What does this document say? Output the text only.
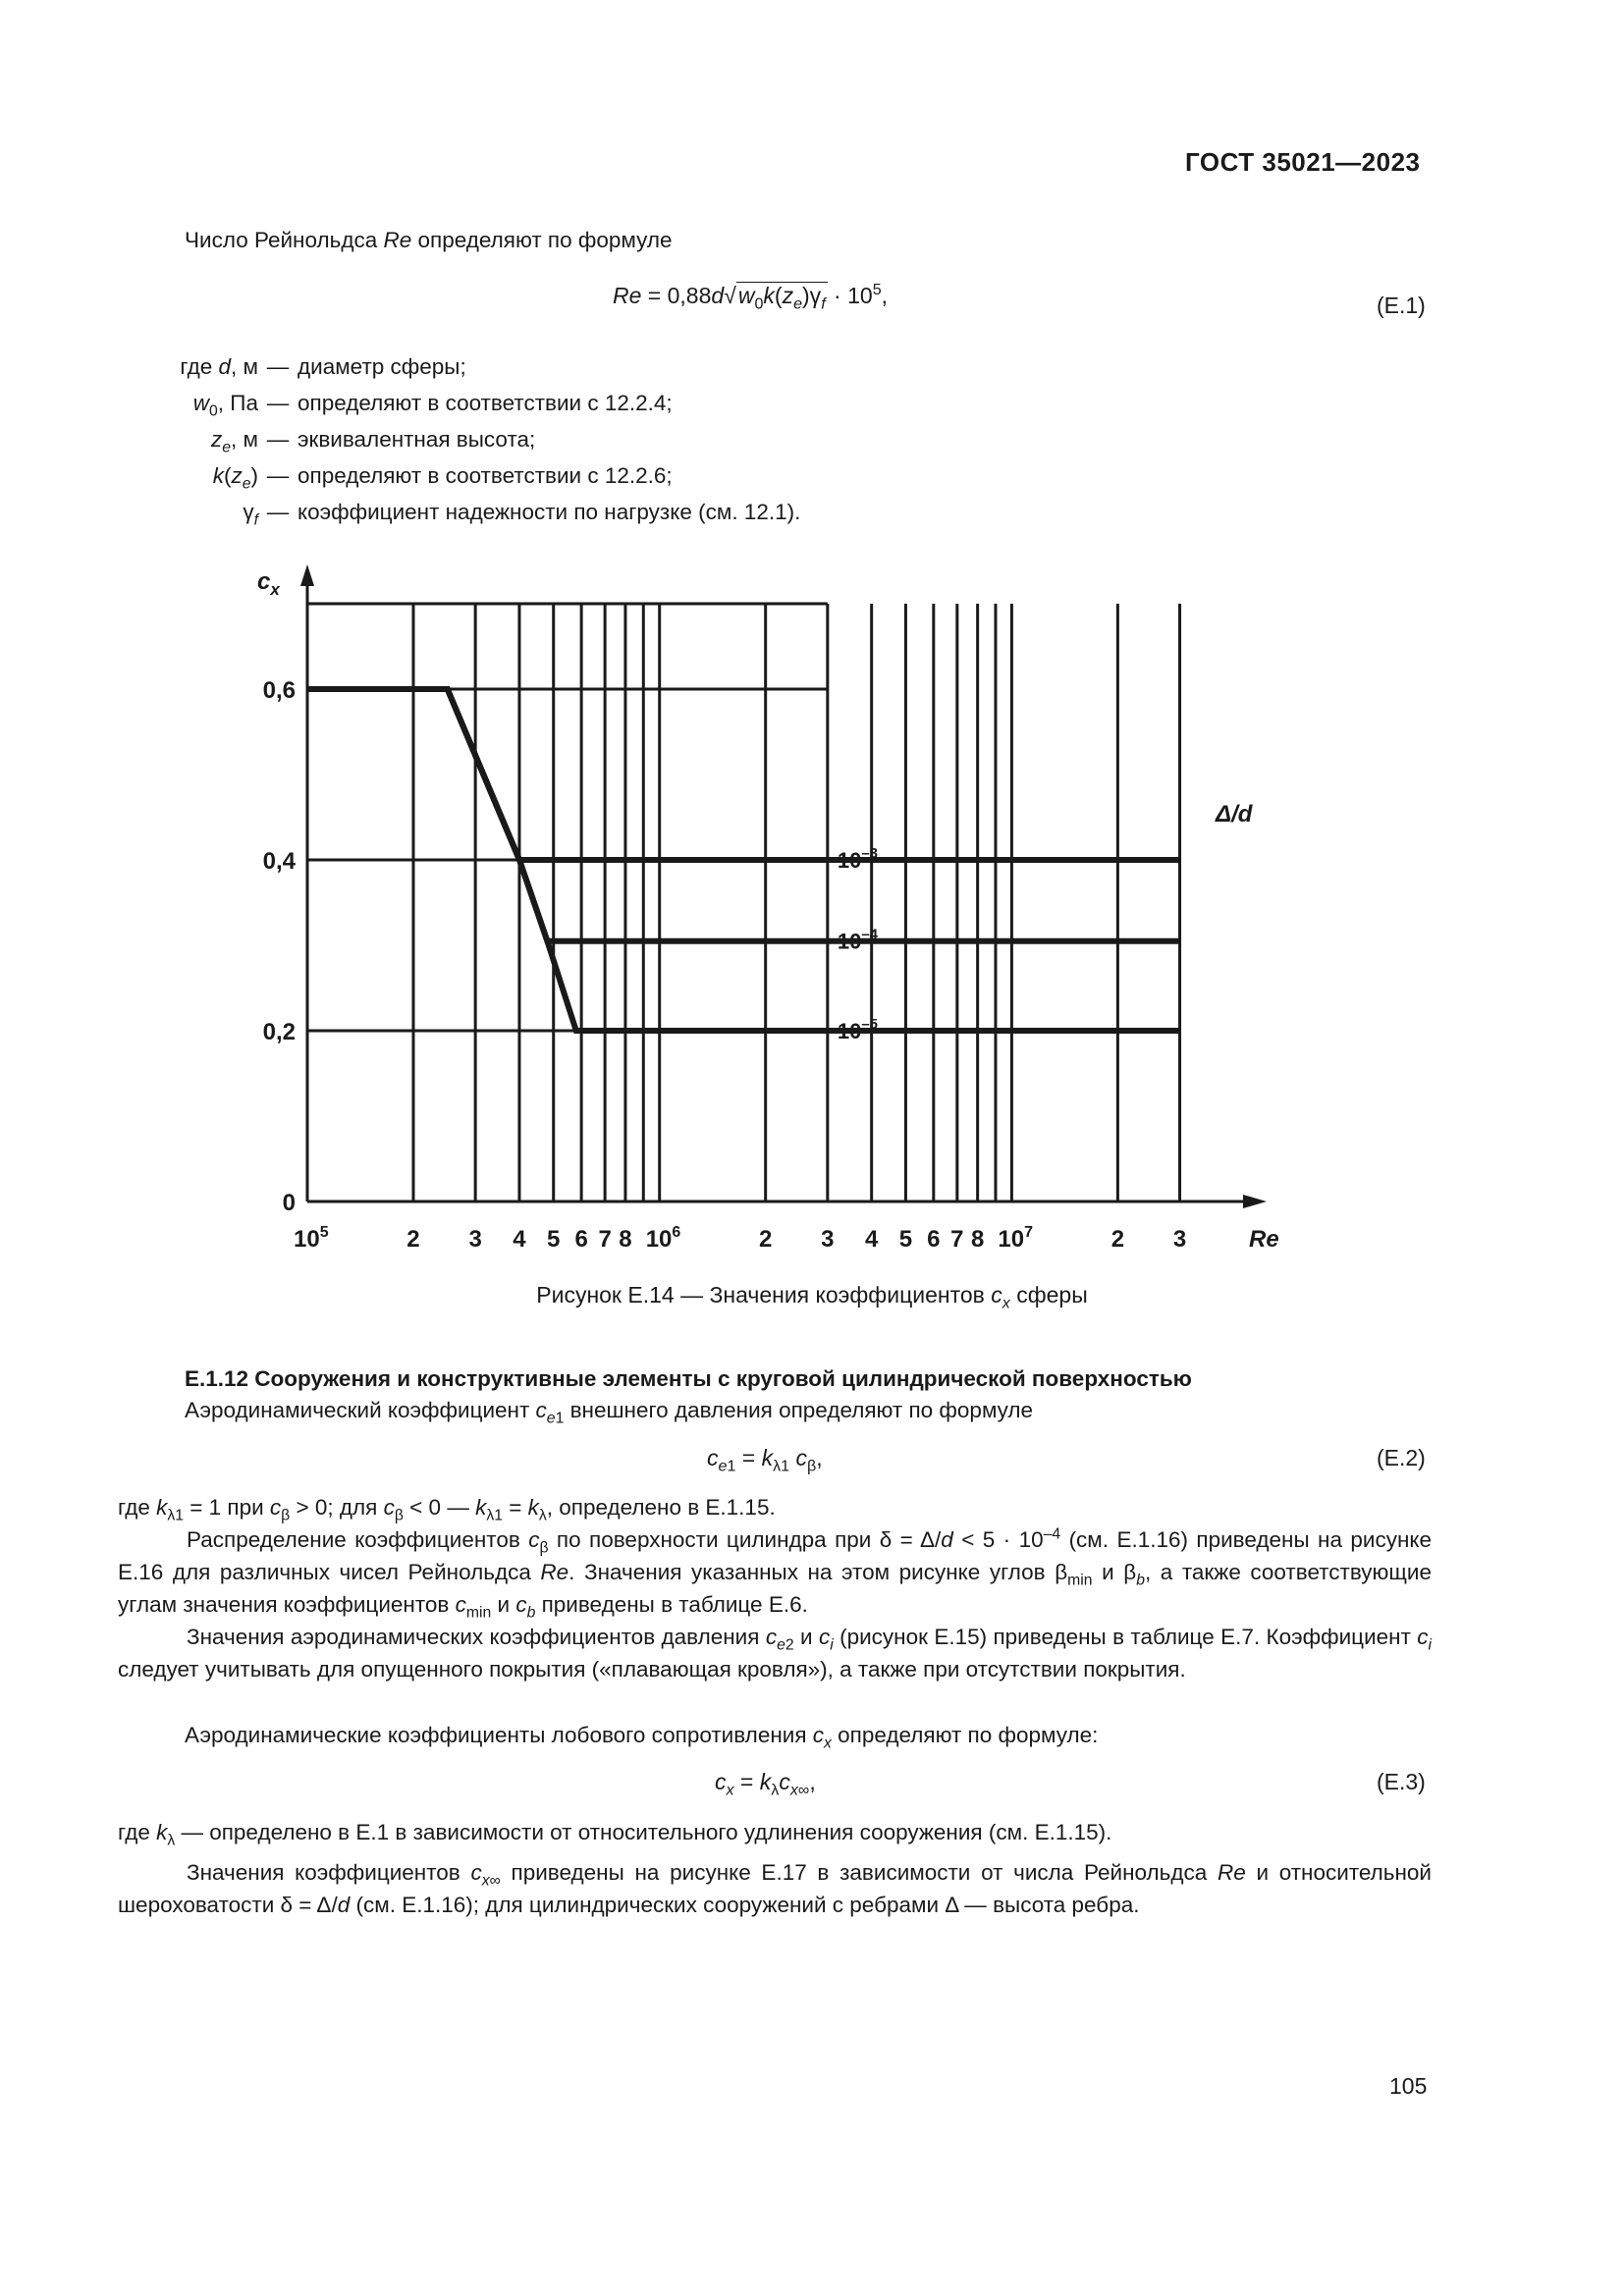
ГОСТ 35021—2023
Число Рейнольдса Re определяют по формуле
$Re = 0,88d√w_0k(z_e)\gamma_f \cdot 10^5$,	(Е.1)
где d, м — диаметр сферы;
$w_0$, Па — определяют в соответствии с 12.2.4;
$z_e$, м — эквивалентная высота;
$k(z_e)$ — определяют в соответствии с 12.2.6;
$\gamma_f$ — коэффициент надежности по нагрузке (см. 12.1).
$10^{-3}$
$10^{-4}$
$10^{-5}$
Δ/d
0
0,2
0,4
0,6
$10^5$	2 3 4 5 6 7 8 $10^6$	2 3 4 5 6 7 8 $10^7$	2 3	Re
$c_x$
Рисунок Е.14 — Значения коэффициентов $c_x$ сферы
Е.1.12 Сооружения и конструктивные элементы с круговой цилиндрической поверхностью
Аэродинамический коэффициент $c_{e1}$ внешнего давления определяют по формуле
$c_{e1} = k_{\lambda 1}$ $c_\beta$,	(Е.2)
где $k_{\lambda 1} = 1$ при $c_\beta > 0$; для $c_\beta < 0$ — $k_{\lambda 1} = k_\lambda$, определено в Е.1.15.
Распределение коэффициентов $c_\beta$ по поверхности цилиндра при $\delta = \Delta/d < 5 \cdot 10^{-4}$ (см. Е.1.16) приведены на рисунке Е.16 для различных чисел Рейнольдса Re. Значения указанных на этом рисунке углов $\beta_{min}$ и $\beta_b$, а также соответствующие углам значения коэффициентов $c_{min}$ и $c_b$ приведены в таблице Е.6.
Значения аэродинамических коэффициентов давления $c_{e2}$ и $c_i$ (рисунок Е.15) приведены в таблице Е.7. Коэффициент $c_i$ следует учитывать для опущенного покрытия («плавающая кровля»), а также при отсутствии покрытия.
Аэродинамические коэффициенты лобового сопротивления $c_x$ определяют по формуле:
$c_x = k_\lambda c_{x\infty}$,	(Е.3)
где $k_\lambda$ — определено в Е.1 в зависимости от относительного удлинения сооружения (см. Е.1.15).
Значения коэффициентов $c_{x\infty}$ приведены на рисунке Е.17 в зависимости от числа Рейнольдса Re и относительной шероховатости δ = Δ/d (см. Е.1.16); для цилиндрических сооружений с ребрами Δ — высота ребра.
105
